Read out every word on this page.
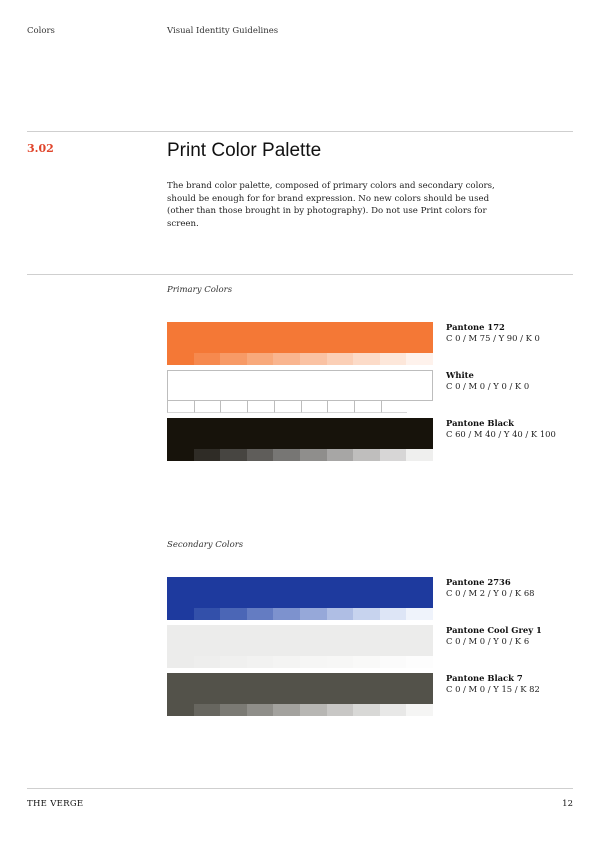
Colors	Visual Identity Guidelines
3.02	Print Color Palette
The brand color palette, composed of primary colors and secondary colors, should be enough for for brand expression. No new colors should be used (other than those brought in by photography). Do not use Print colors for screen.
Primary Colors
Pantone 172
C 0 / M 75 / Y 90 / K 0
White
C 0 / M 0 / Y 0 / K 0
Pantone Black
C 60 / M 40 / Y 40 / K 100
Secondary Colors
Pantone 2736
C 0 / M 2 / Y 0 / K 68
Pantone Cool Grey 1
C 0 / M 0 / Y 0 / K 6
Pantone Black 7
C 0 / M 0 / Y 15 / K 82
THE VERGE	12
